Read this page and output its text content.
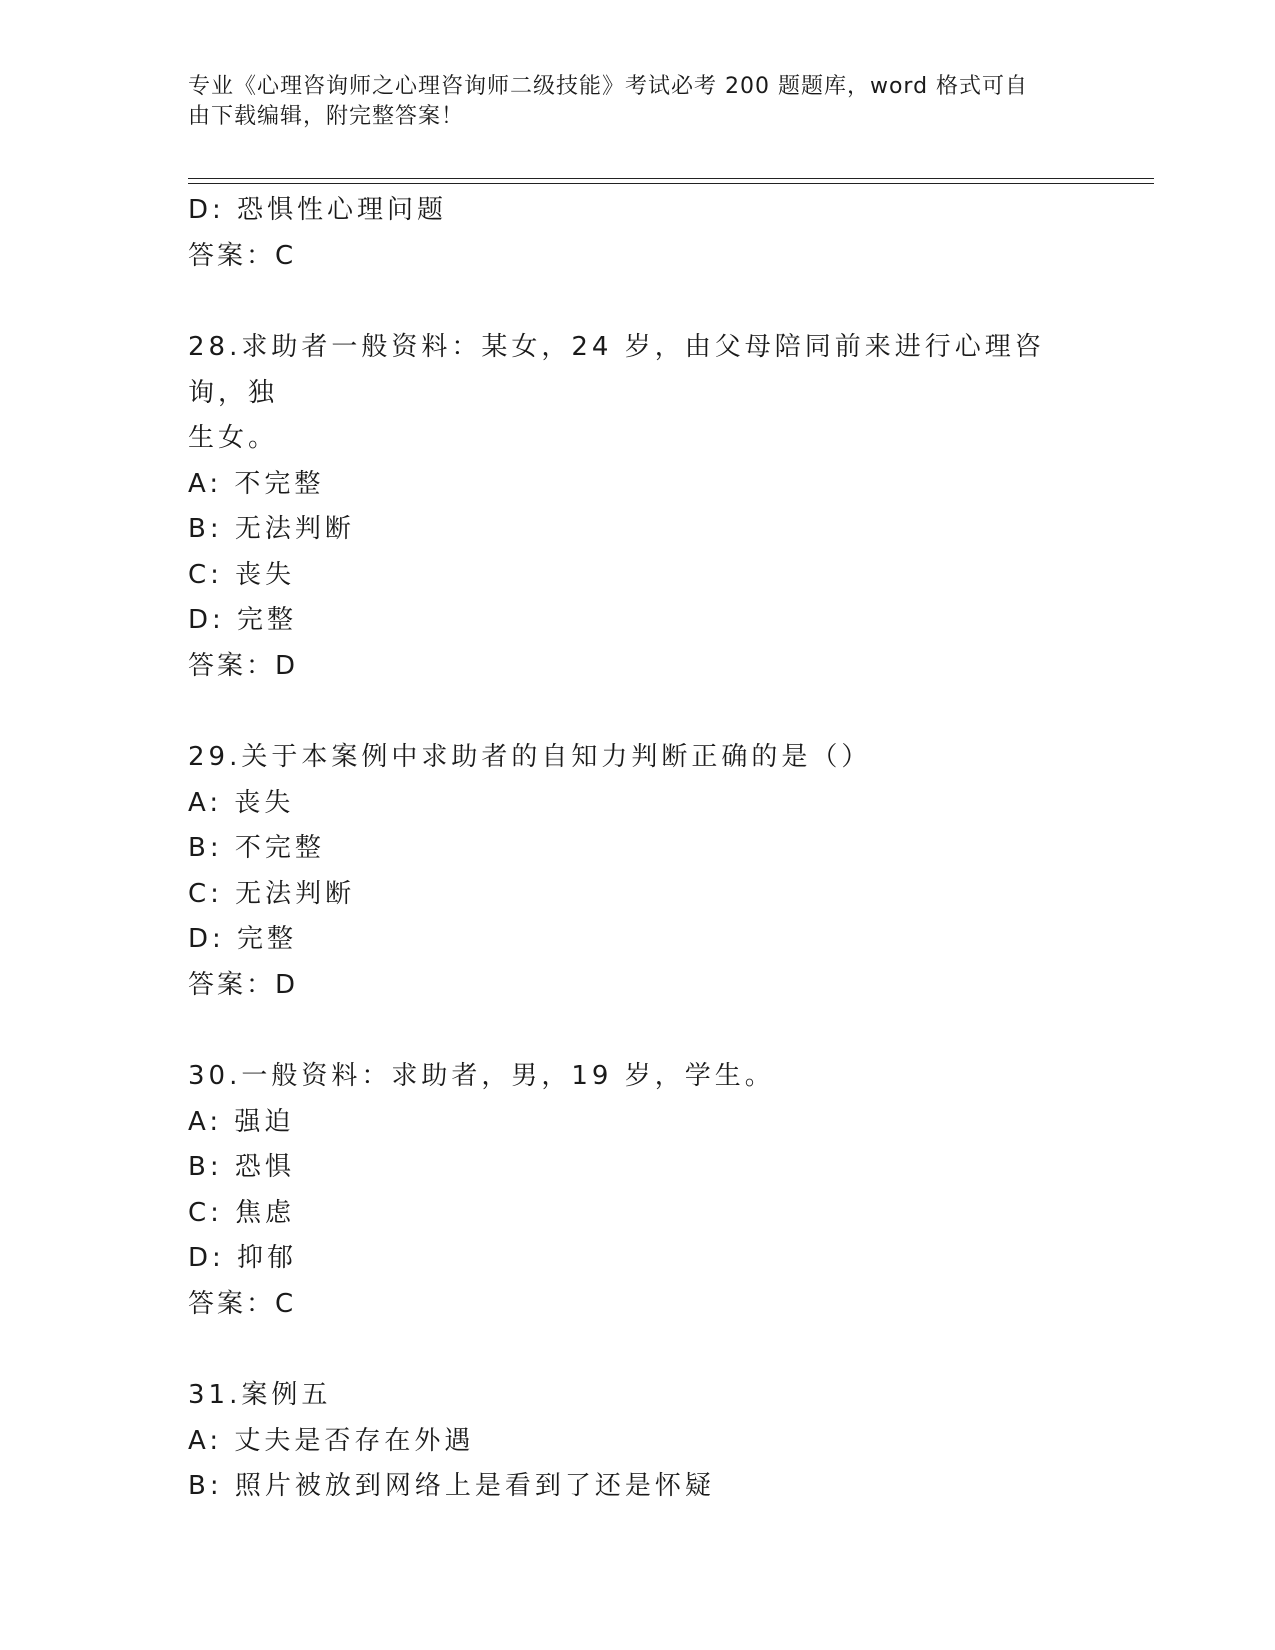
专业《心理咨询师之心理咨询师二级技能》考试必考 200 题题库，word 格式可自
由下载编辑，附完整答案！
D: 恐惧性心理问题
答案：C
28.求助者一般资料：某女，24 岁，由父母陪同前来进行心理咨询，独
生女。
A: 不完整
B: 无法判断
C: 丧失
D: 完整
答案：D
29.关于本案例中求助者的自知力判断正确的是（）
A: 丧失
B: 不完整
C: 无法判断
D: 完整
答案：D
30.一般资料：求助者，男，19 岁，学生。
A: 强迫
B: 恐惧
C: 焦虑
D: 抑郁
答案：C
31.案例五
A: 丈夫是否存在外遇
B: 照片被放到网络上是看到了还是怀疑
